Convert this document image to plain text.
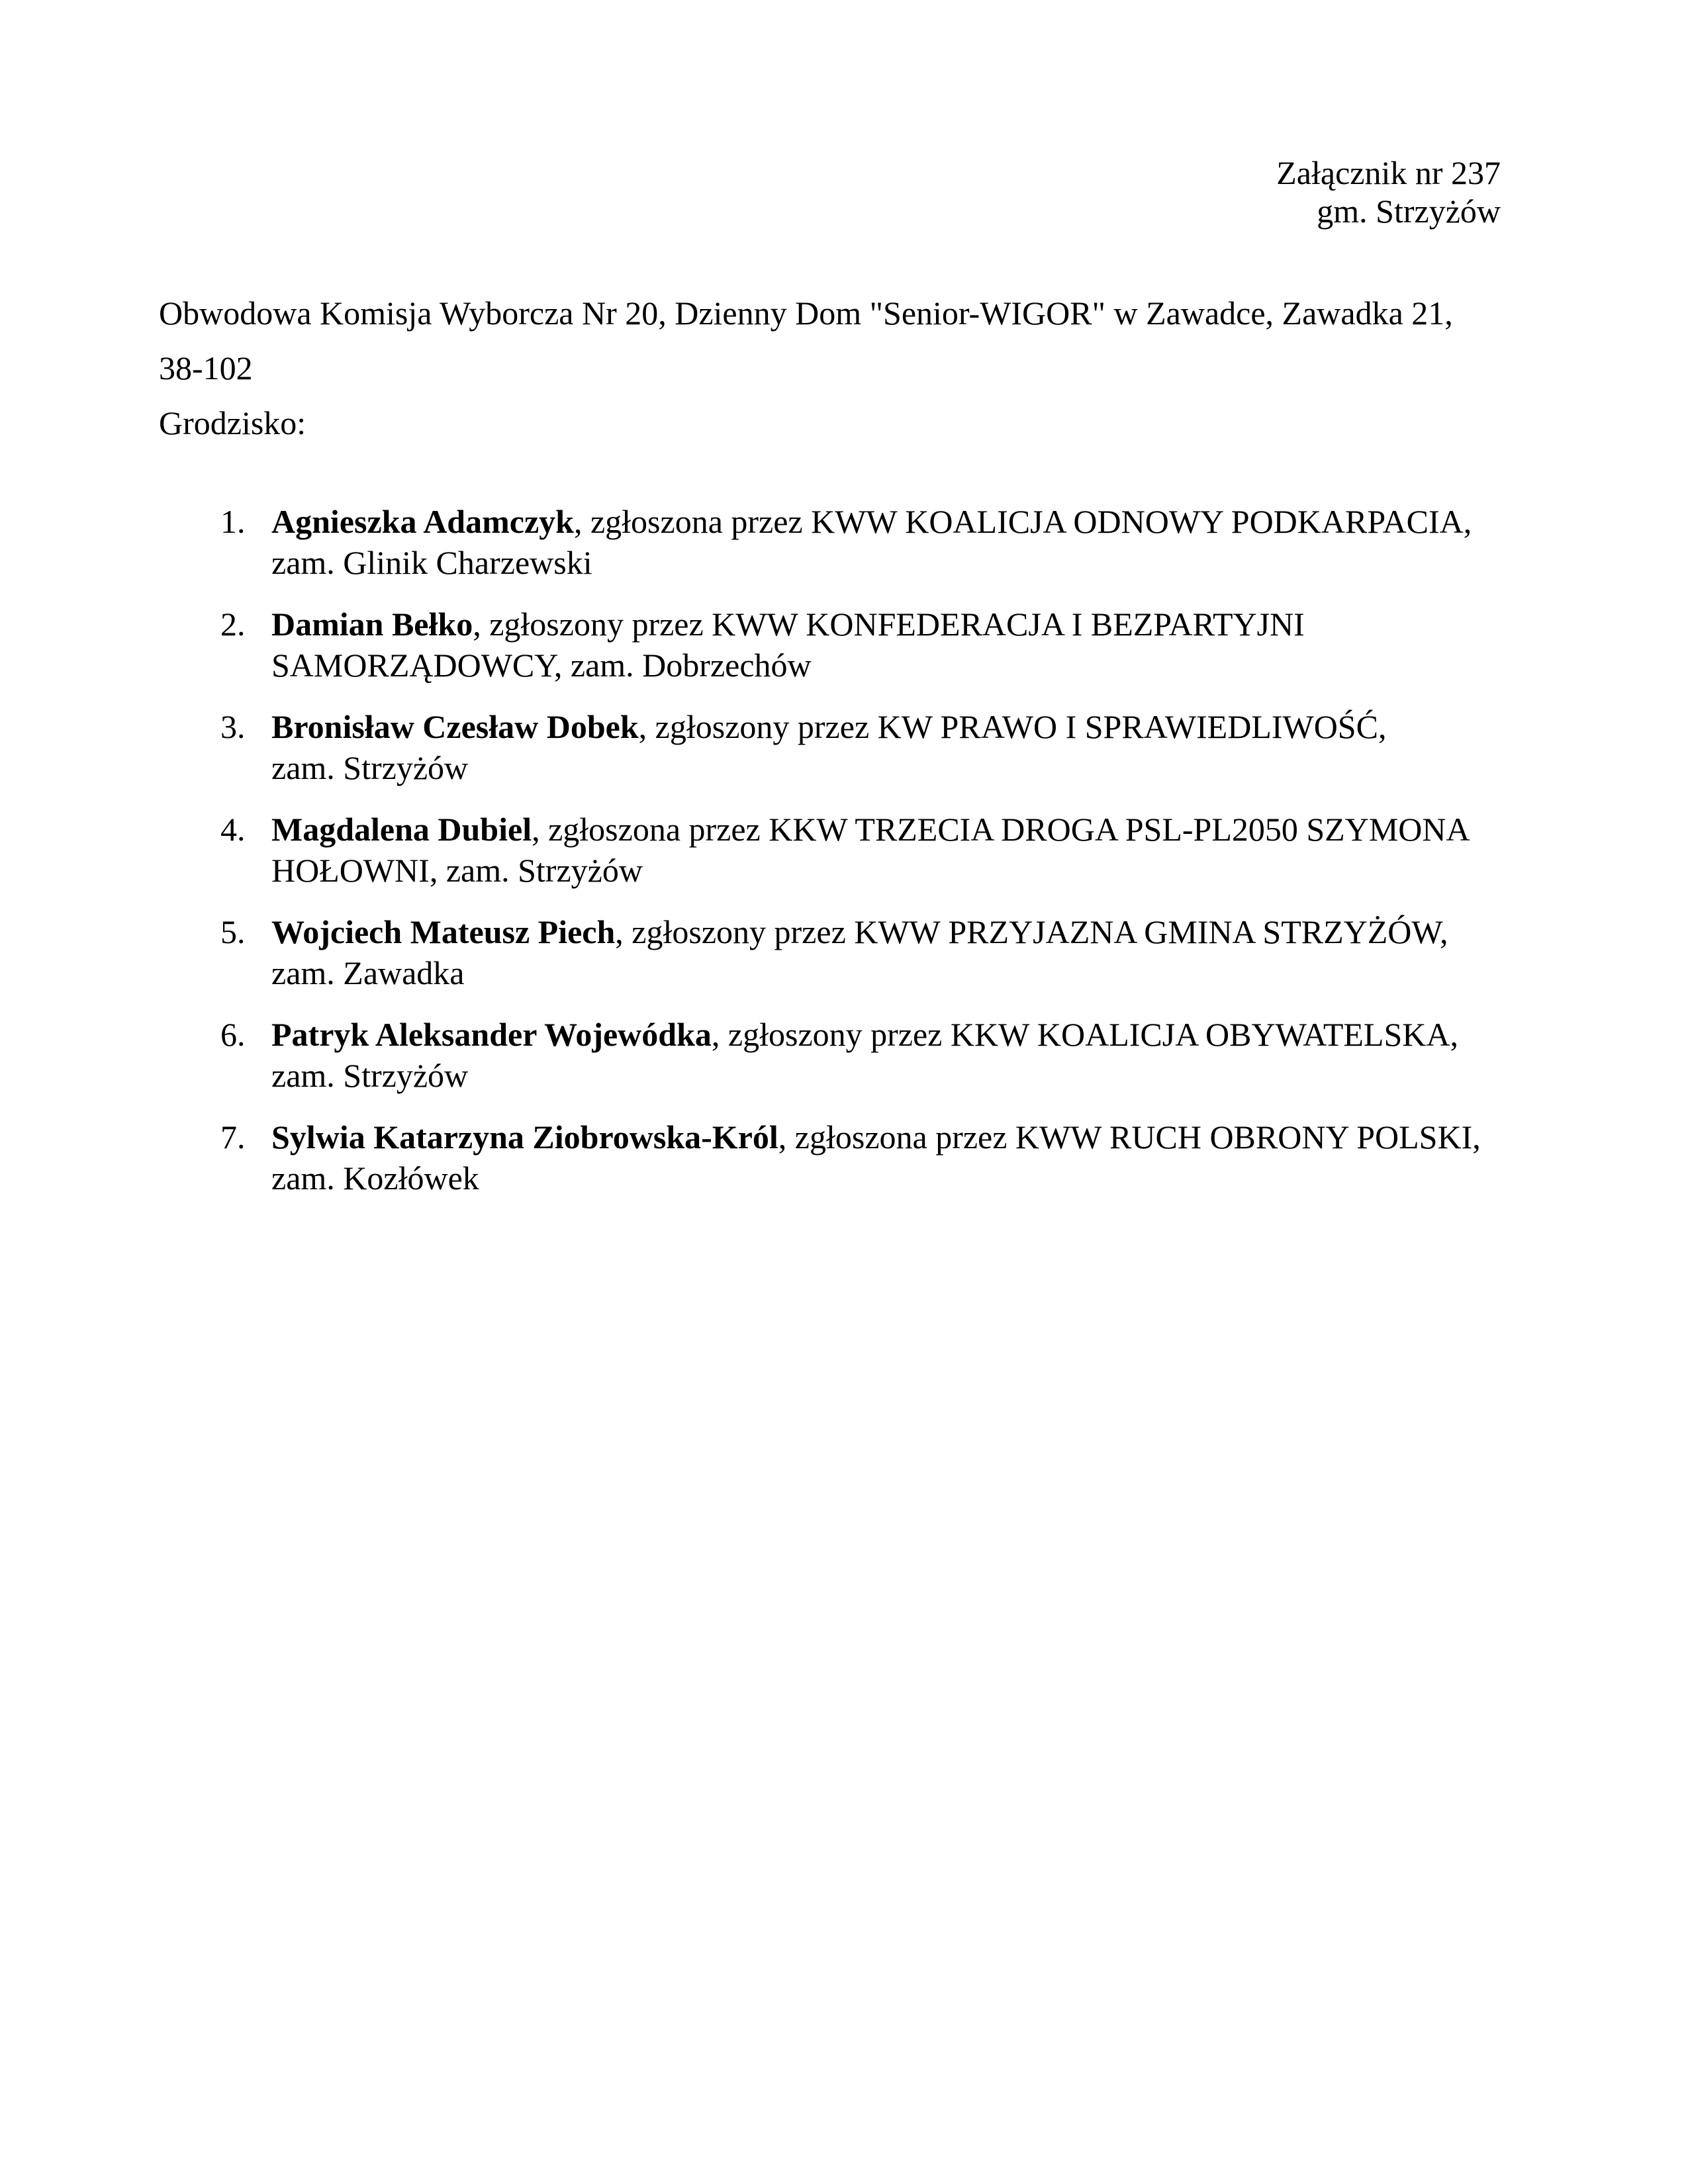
Załącznik nr 237
gm. Strzyżów
Obwodowa Komisja Wyborcza Nr 20, Dzienny Dom "Senior-WIGOR" w Zawadce, Zawadka 21, 38-102
Grodzisko:
1. Agnieszka Adamczyk, zgłoszona przez KWW KOALICJA ODNOWY PODKARPACIA,
zam. Glinik Charzewski
2. Damian Bełko, zgłoszony przez KWW KONFEDERACJA I BEZPARTYJNI
SAMORZĄDOWCY, zam. Dobrzechów
3. Bronisław Czesław Dobek, zgłoszony przez KW PRAWO I SPRAWIEDLIWOŚĆ,
zam. Strzyżów
4. Magdalena Dubiel, zgłoszona przez KKW TRZECIA DROGA PSL-PL2050 SZYMONA
HOŁOWNI, zam. Strzyżów
5. Wojciech Mateusz Piech, zgłoszony przez KWW PRZYJAZNA GMINA STRZYŻÓW,
zam. Zawadka
6. Patryk Aleksander Wojewódka, zgłoszony przez KKW KOALICJA OBYWATELSKA,
zam. Strzyżów
7. Sylwia Katarzyna Ziobrowska-Król, zgłoszona przez KWW RUCH OBRONY POLSKI,
zam. Kozłówek
